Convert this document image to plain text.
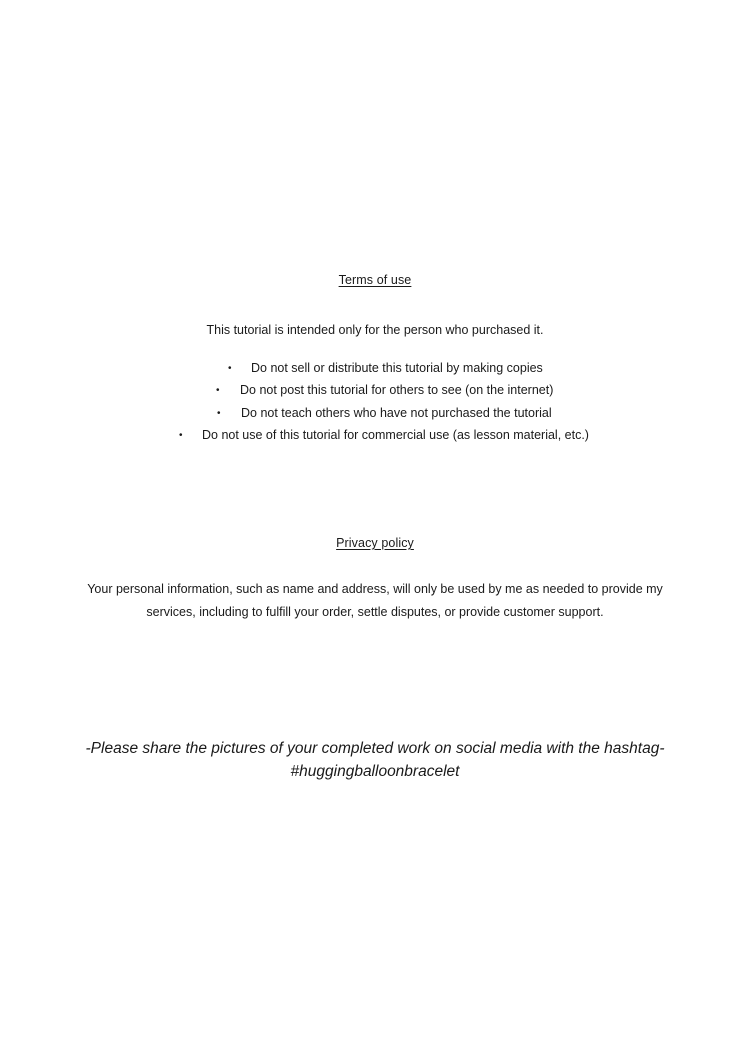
Terms of use
This tutorial is intended only for the person who purchased it.
• Do not sell or distribute this tutorial by making copies
• Do not post this tutorial for others to see (on the internet)
• Do not teach others who have not purchased the tutorial
• Do not use of this tutorial for commercial use (as lesson material, etc.)
Privacy policy
Your personal information, such as name and address, will only be used by me as needed to provide my services, including to fulfill your order, settle disputes, or provide customer support.
-Please share the pictures of your completed work on social media with the hashtag-
#huggingballoonbracelet
